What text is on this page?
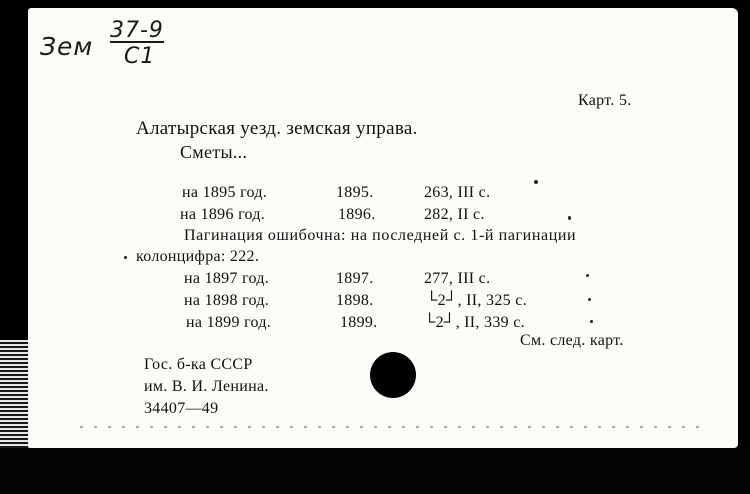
Зем
37-9
С1
Карт. 5.
Алатырская уезд. земская управа.
Сметы...
на 1895 год.	1895.	263, III с.
на 1896 год.	1896.	282, II с.
Пагинация ошибочна: на последней с. 1-й пагинации
колонцифра: 222.
на 1897 год.	1897.	277, III с.
на 1898 год.	1898.	└2┘, II, 325 с.
на 1899 год.	1899.	└2┘, II, 339 с.
См. след. карт.
Гос. б-ка СССР
им. В. И. Ленина.
34407—49
